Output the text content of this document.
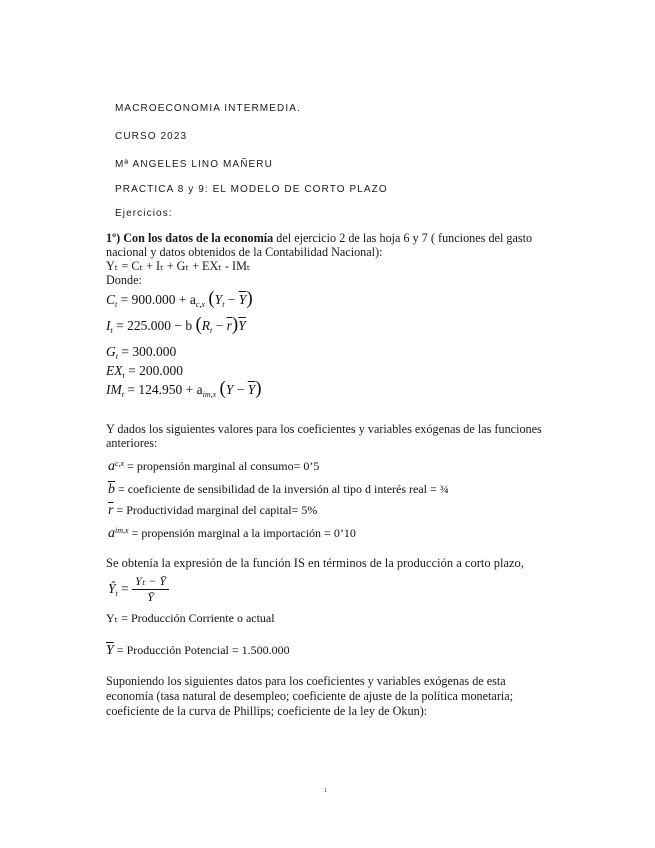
MACROECONOMIA INTERMEDIA.
CURSO 2023
Mª ANGELES LINO MAÑERU
PRACTICA 8 y 9: EL MODELO DE CORTO PLAZO
Ejercicios:
1º) Con los datos de la economía del ejercicio 2 de las hoja 6 y 7 ( funciones del gasto
nacional y datos obtenidos de la Contabilidad Nacional):
Yₜ = Cₜ + Iₜ + Gₜ + EXₜ - IMₜ
Donde:
$C_t = 900.000 + a_{c,x}$ $(Y_t - \overline{Y})$
$I_t = 225.000 - b$ $(R_t - \overline{r})\overline{Y}$
$G_t = 300.000$
$EX_t = 200.000$
$IM_t = 124.950 + a_{im,x}$ $(Y - \overline{Y})$
Y dados los siguientes valores para los coeficientes y variables exógenas de las funciones
anteriores:
$a^{c,x}$ = propensión marginal al consumo= 0’5
$\overline{b}$ = coeficiente de sensibilidad de la inversión al tipo d interés real = ¾
$\overline{r}$ = Productividad marginal del capital= 5%
$a^{im,x}$ = propensión marginal a la importación = 0’10
Se obtenía la expresión de la función IS en términos de la producción a corto plazo,
$Ŷ_t = \frac{\text{Yₜ − Ȳ}}{Ȳ}$
Yₜ = Producción Corriente o actual
$\overline{Y}$ = Producción Potencial = 1.500.000
Suponiendo los siguientes datos para los coeficientes y variables exógenas de esta
economía (tasa natural de desempleo; coeficiente de ajuste de la política monetaria;
coeficiente de la curva de Phillips; coeficiente de la ley de Okun):
1
